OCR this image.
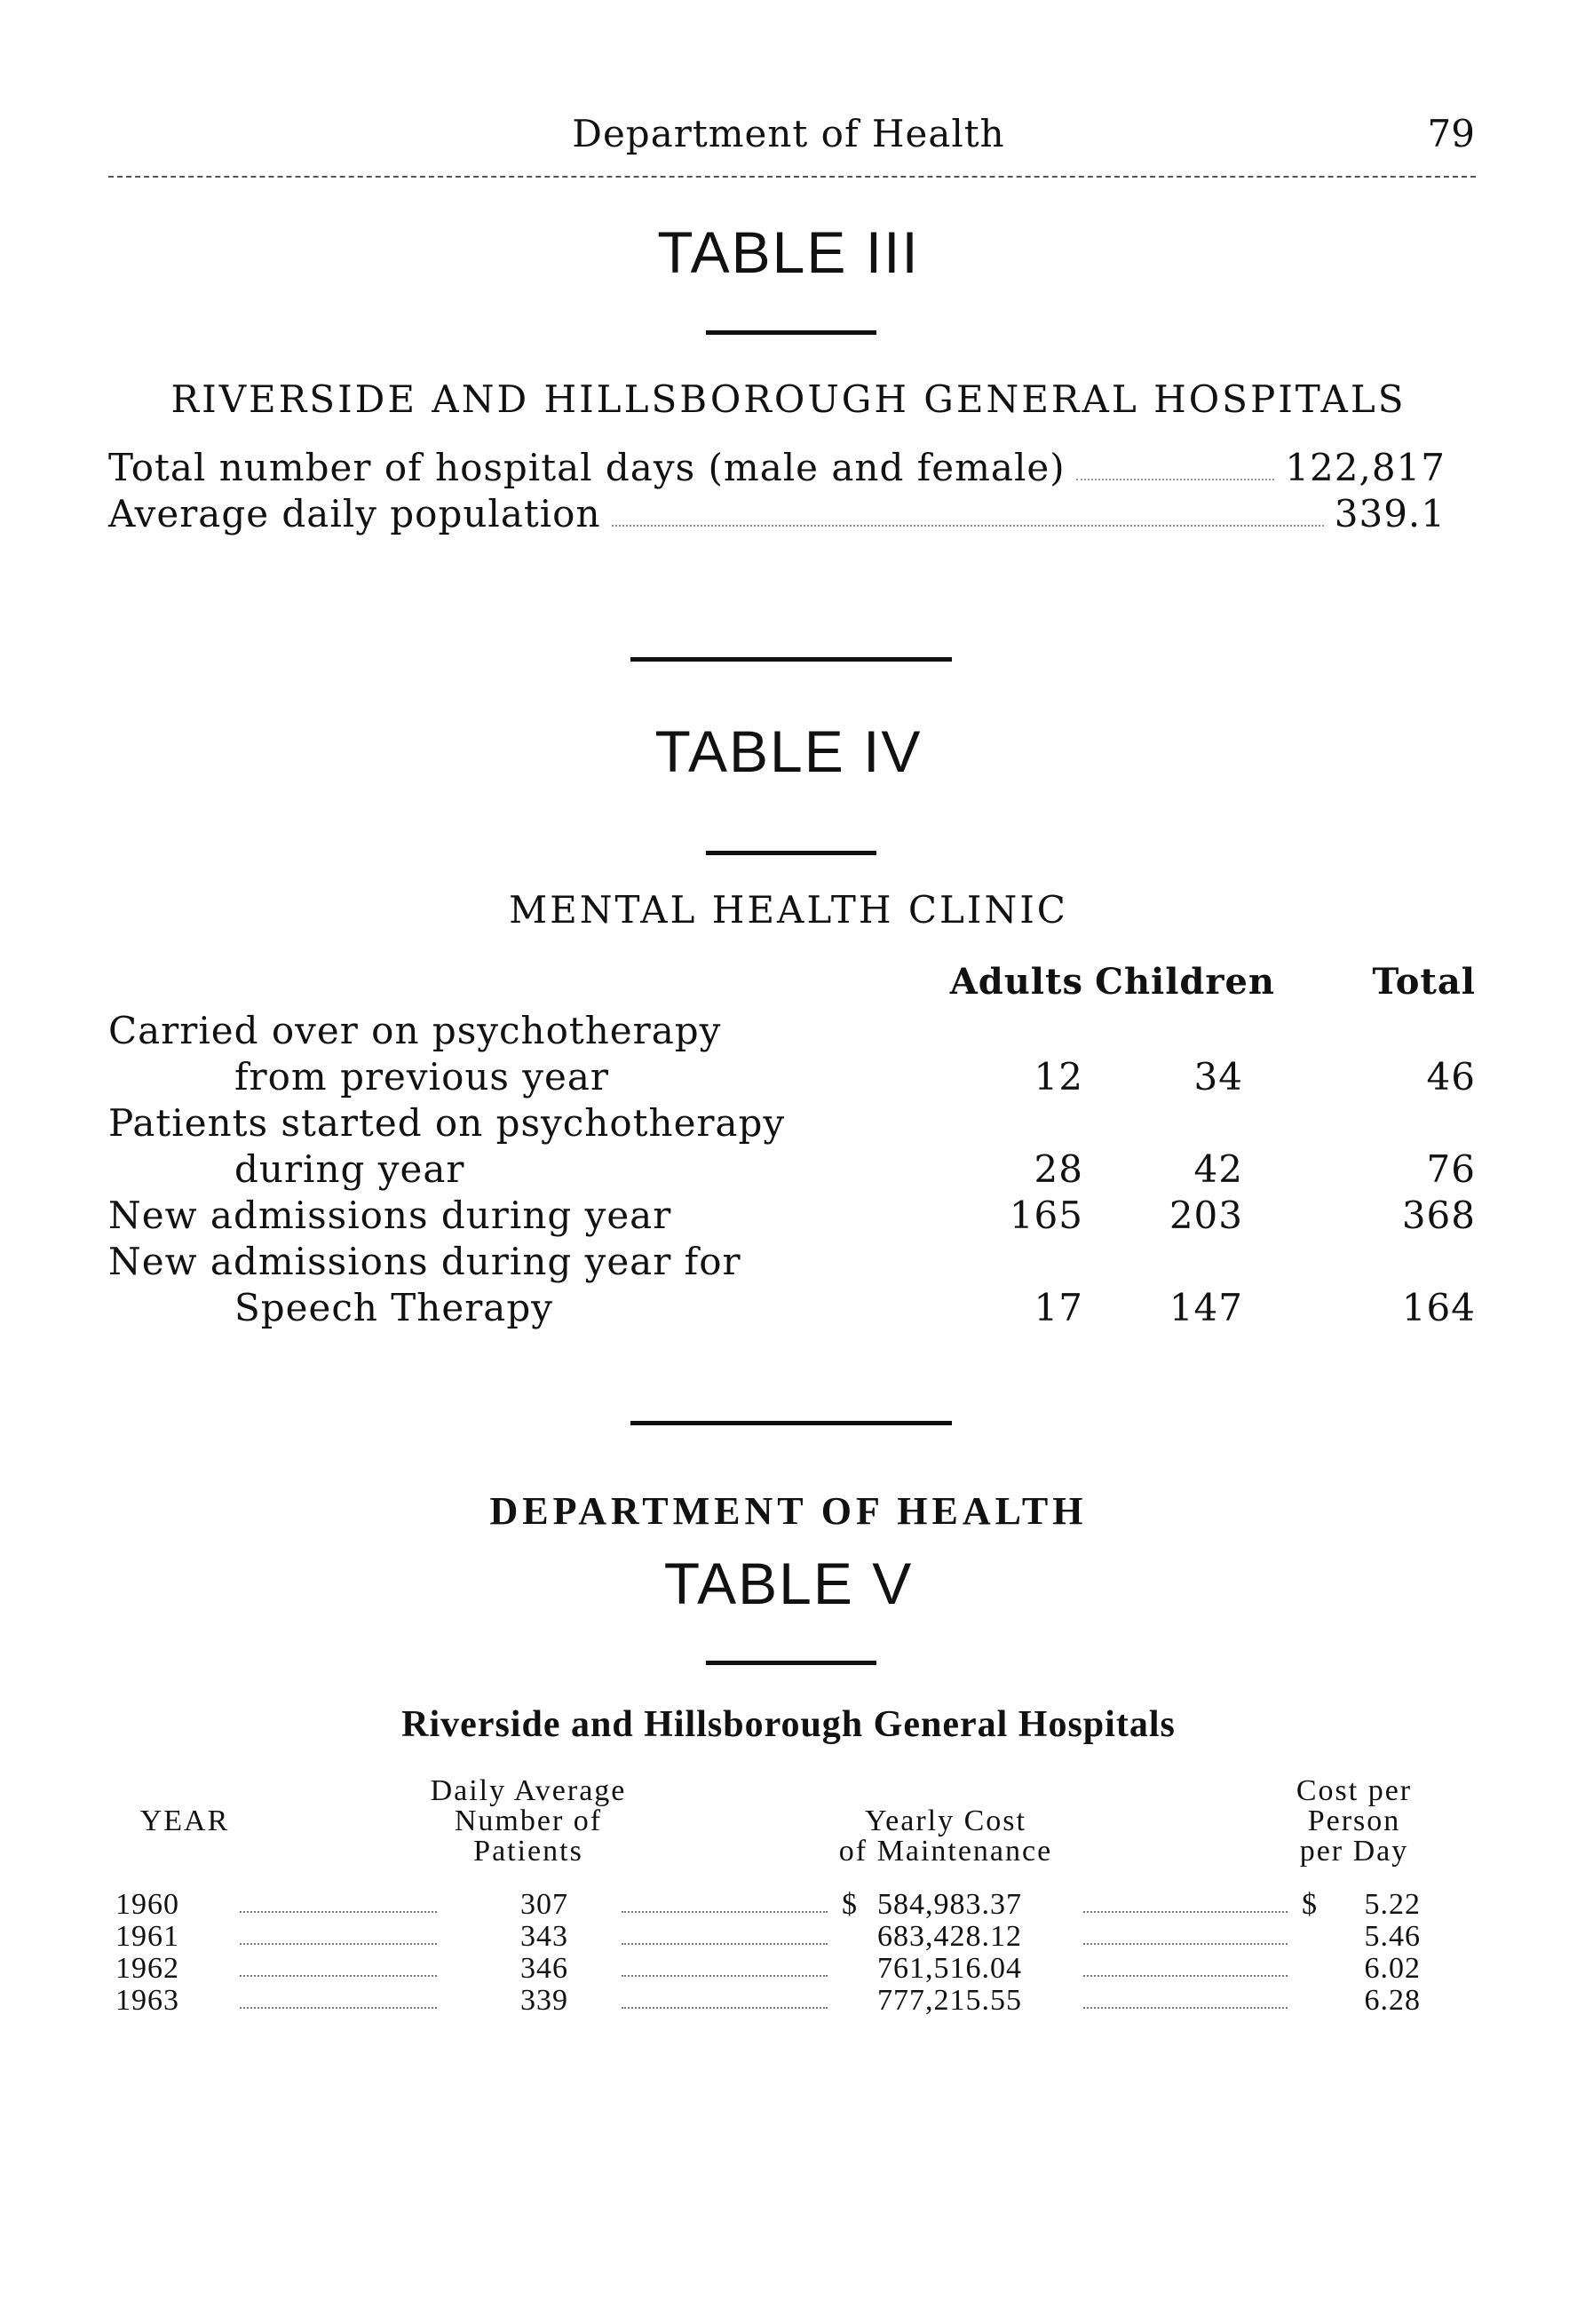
Department of Health	79
TABLE III
RIVERSIDE AND HILLSBOROUGH GENERAL HOSPITALS
Total number of hospital days (male and female)	122,817
Average daily population	339.1
TABLE IV
MENTAL HEALTH CLINIC
Adults Children	Total
Carried over on psychotherapy
from previous year	12	34	46
Patients started on psychotherapy
during year	28	42	76
New admissions during year	165 203	368
New admissions during year for
Speech Therapy	17 147	164
DEPARTMENT OF HEALTH
TABLE V
Riverside and Hillsborough General Hospitals
YEAR
Daily Average
Number of
Patients
Yearly Cost
of Maintenance
Cost per
Person
per Day
1960	307	$ 584,983.37	$ 5.22
1961	343	683,428.12	5.46
1962	346	761,516.04	6.02
1963	339	777,215.55	6.28
